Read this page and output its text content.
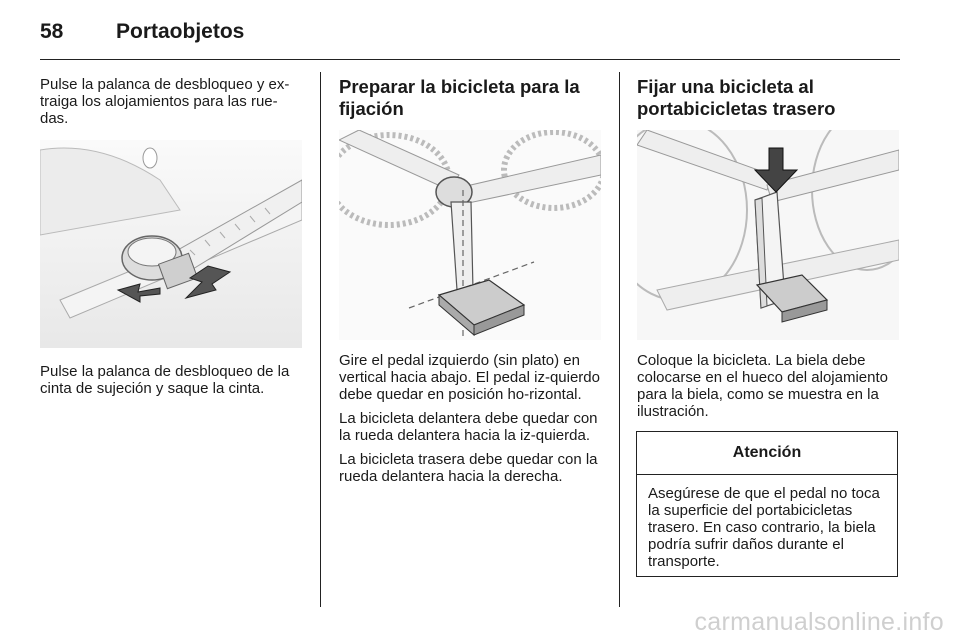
58	Portaobjetos

Pulse la palanca de desbloqueo y ex-traiga los alojamientos para las rue-das.

Pulse la palanca de desbloqueo de la cinta de sujeción y saque la cinta.

Preparar la bicicleta para la fijación

Gire el pedal izquierdo (sin plato) en vertical hacia abajo. El pedal iz-quierdo debe quedar en posición ho-rizontal.

La bicicleta delantera debe quedar con la rueda delantera hacia la iz-quierda.

La bicicleta trasera debe quedar con la rueda delantera hacia la derecha.

Fijar una bicicleta al portabicicletas trasero

Coloque la bicicleta. La biela debe colocarse en el hueco del alojamiento para la biela, como se muestra en la ilustración.

Atención
Asegúrese de que el pedal no toca la superficie del portabicicletas trasero. En caso contrario, la biela podría sufrir daños durante el transporte.
carmanualsonline.info
